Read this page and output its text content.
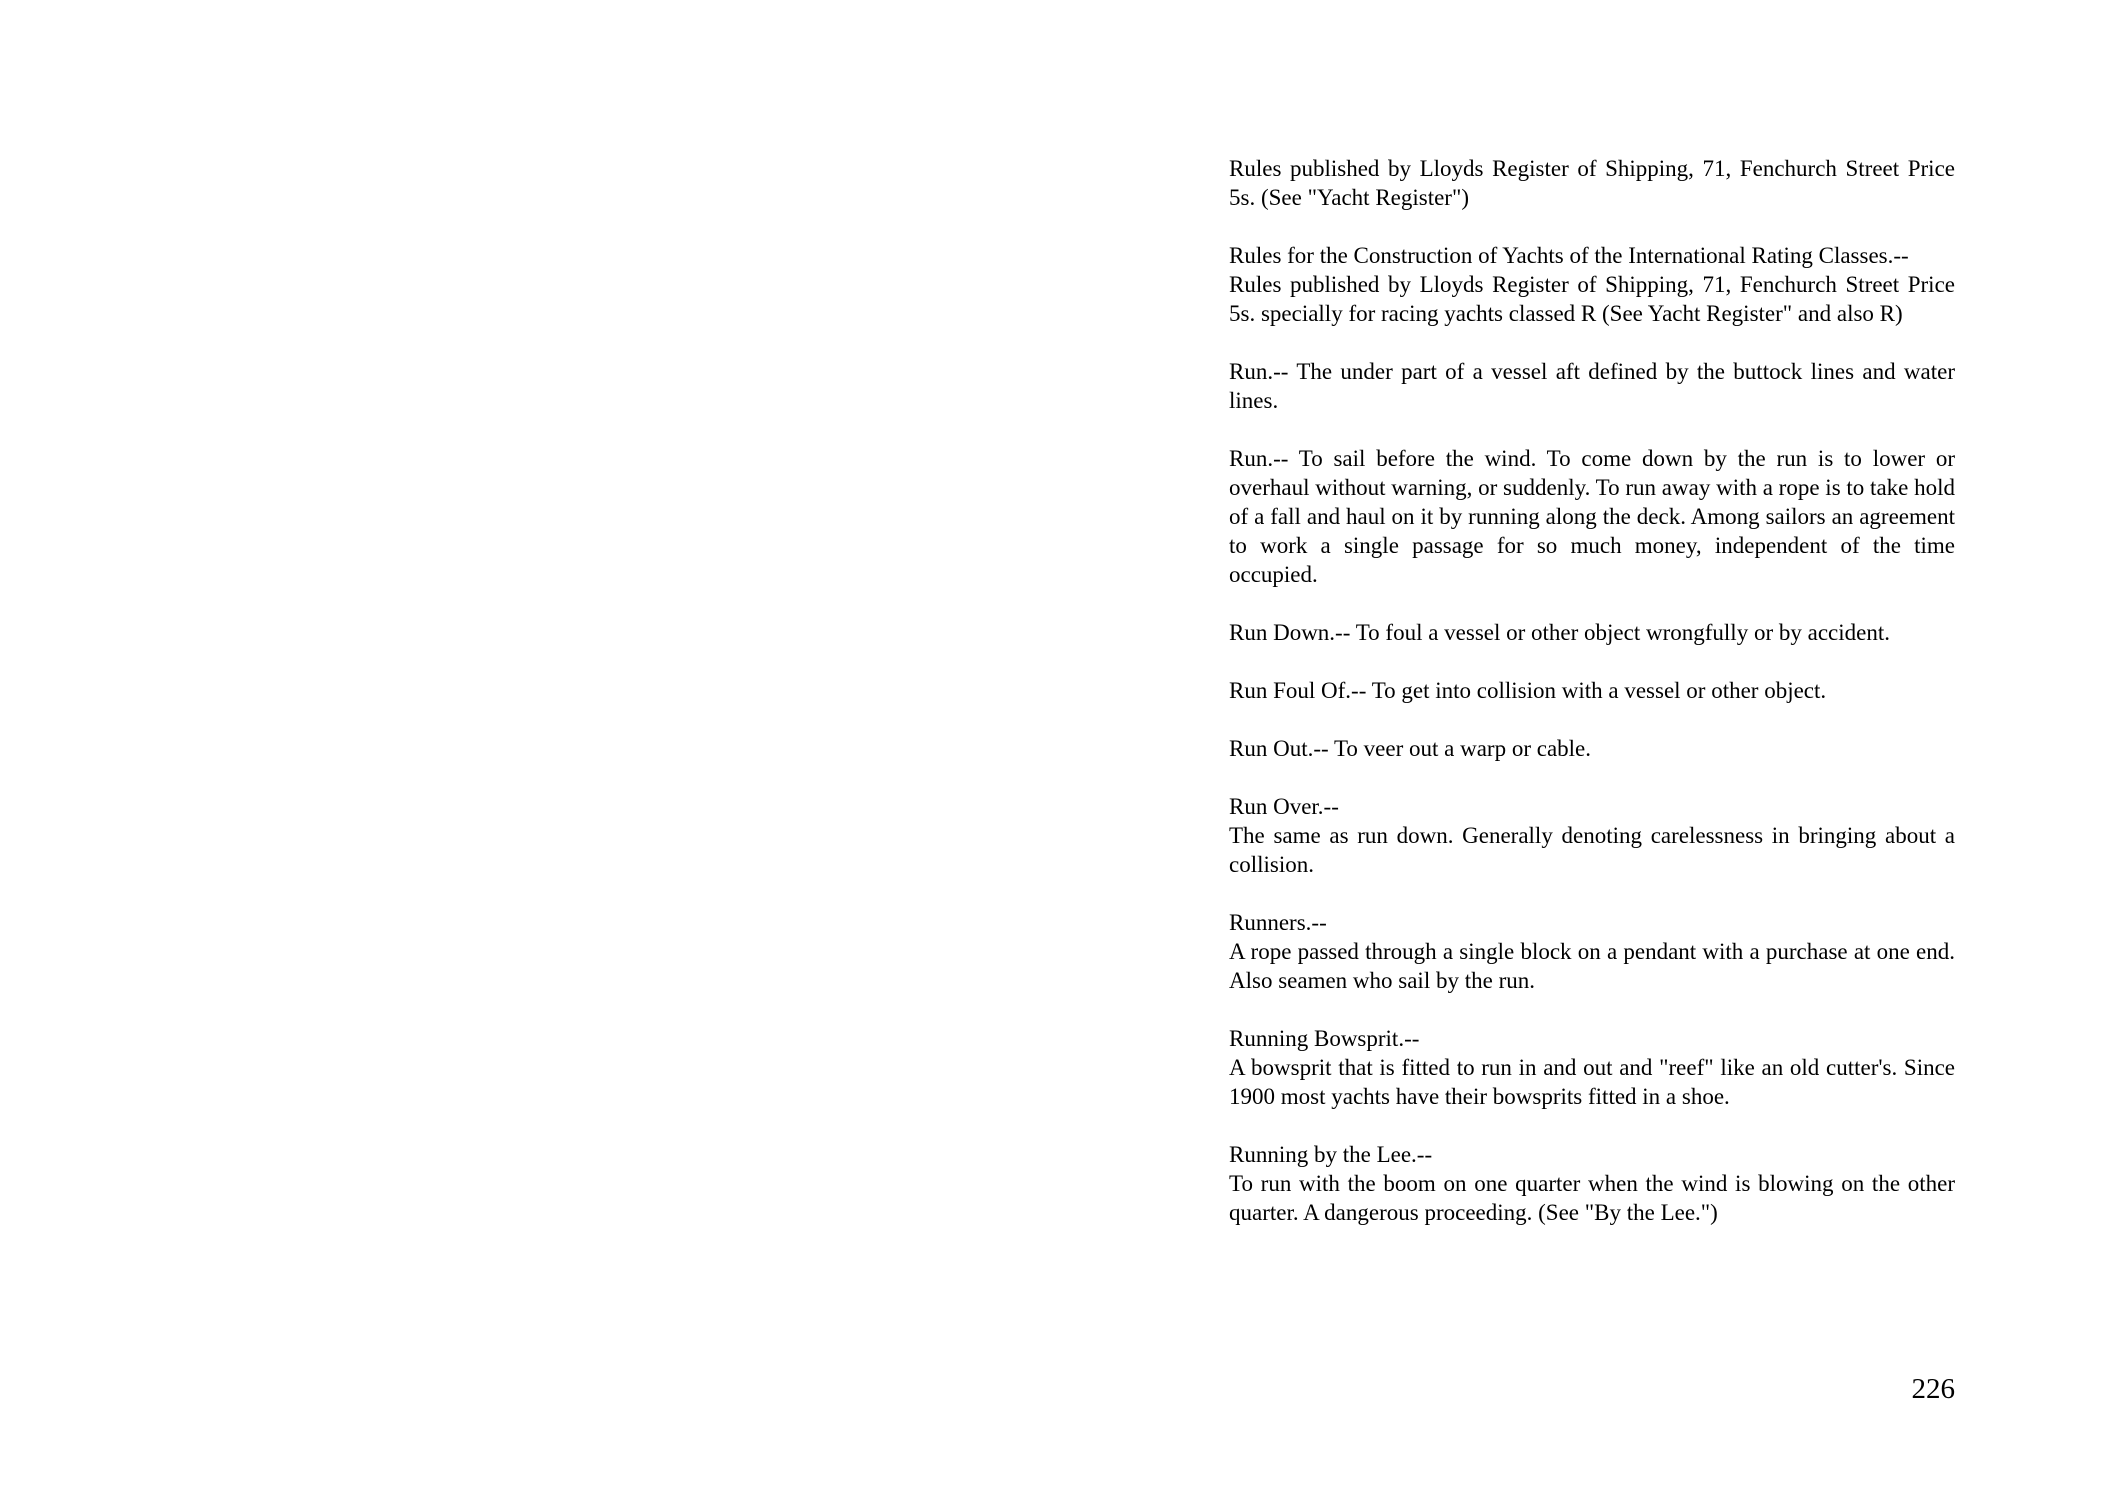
Rules published by Lloyds Register of Shipping, 71, Fenchurch Street Price 5s. (See "Yacht Register")

Rules for the Construction of Yachts of the International Rating Classes.--

Rules published by Lloyds Register of Shipping, 71, Fenchurch Street Price 5s. specially for racing yachts classed R (See Yacht Register" and also R)

Run.-- The under part of a vessel aft defined by the buttock lines and water lines.

Run.-- To sail before the wind. To come down by the run is to lower or overhaul without warning, or suddenly. To run away with a rope is to take hold of a fall and haul on it by running along the deck. Among sailors an agreement to work a single passage for so much money, independent of the time occupied.

Run Down.-- To foul a vessel or other object wrongfully or by accident.

Run Foul Of.-- To get into collision with a vessel or other object.

Run Out.-- To veer out a warp or cable.

Run Over.--

The same as run down. Generally denoting carelessness in bringing about a collision.

Runners.--

A rope passed through a single block on a pendant with a purchase at one end. Also seamen who sail by the run.

Running Bowsprit.--

A bowsprit that is fitted to run in and out and "reef" like an old cutter's. Since 1900 most yachts have their bowsprits fitted in a shoe.

Running by the Lee.--

To run with the boom on one quarter when the wind is blowing on the other quarter. A dangerous proceeding. (See "By the Lee.")

226
